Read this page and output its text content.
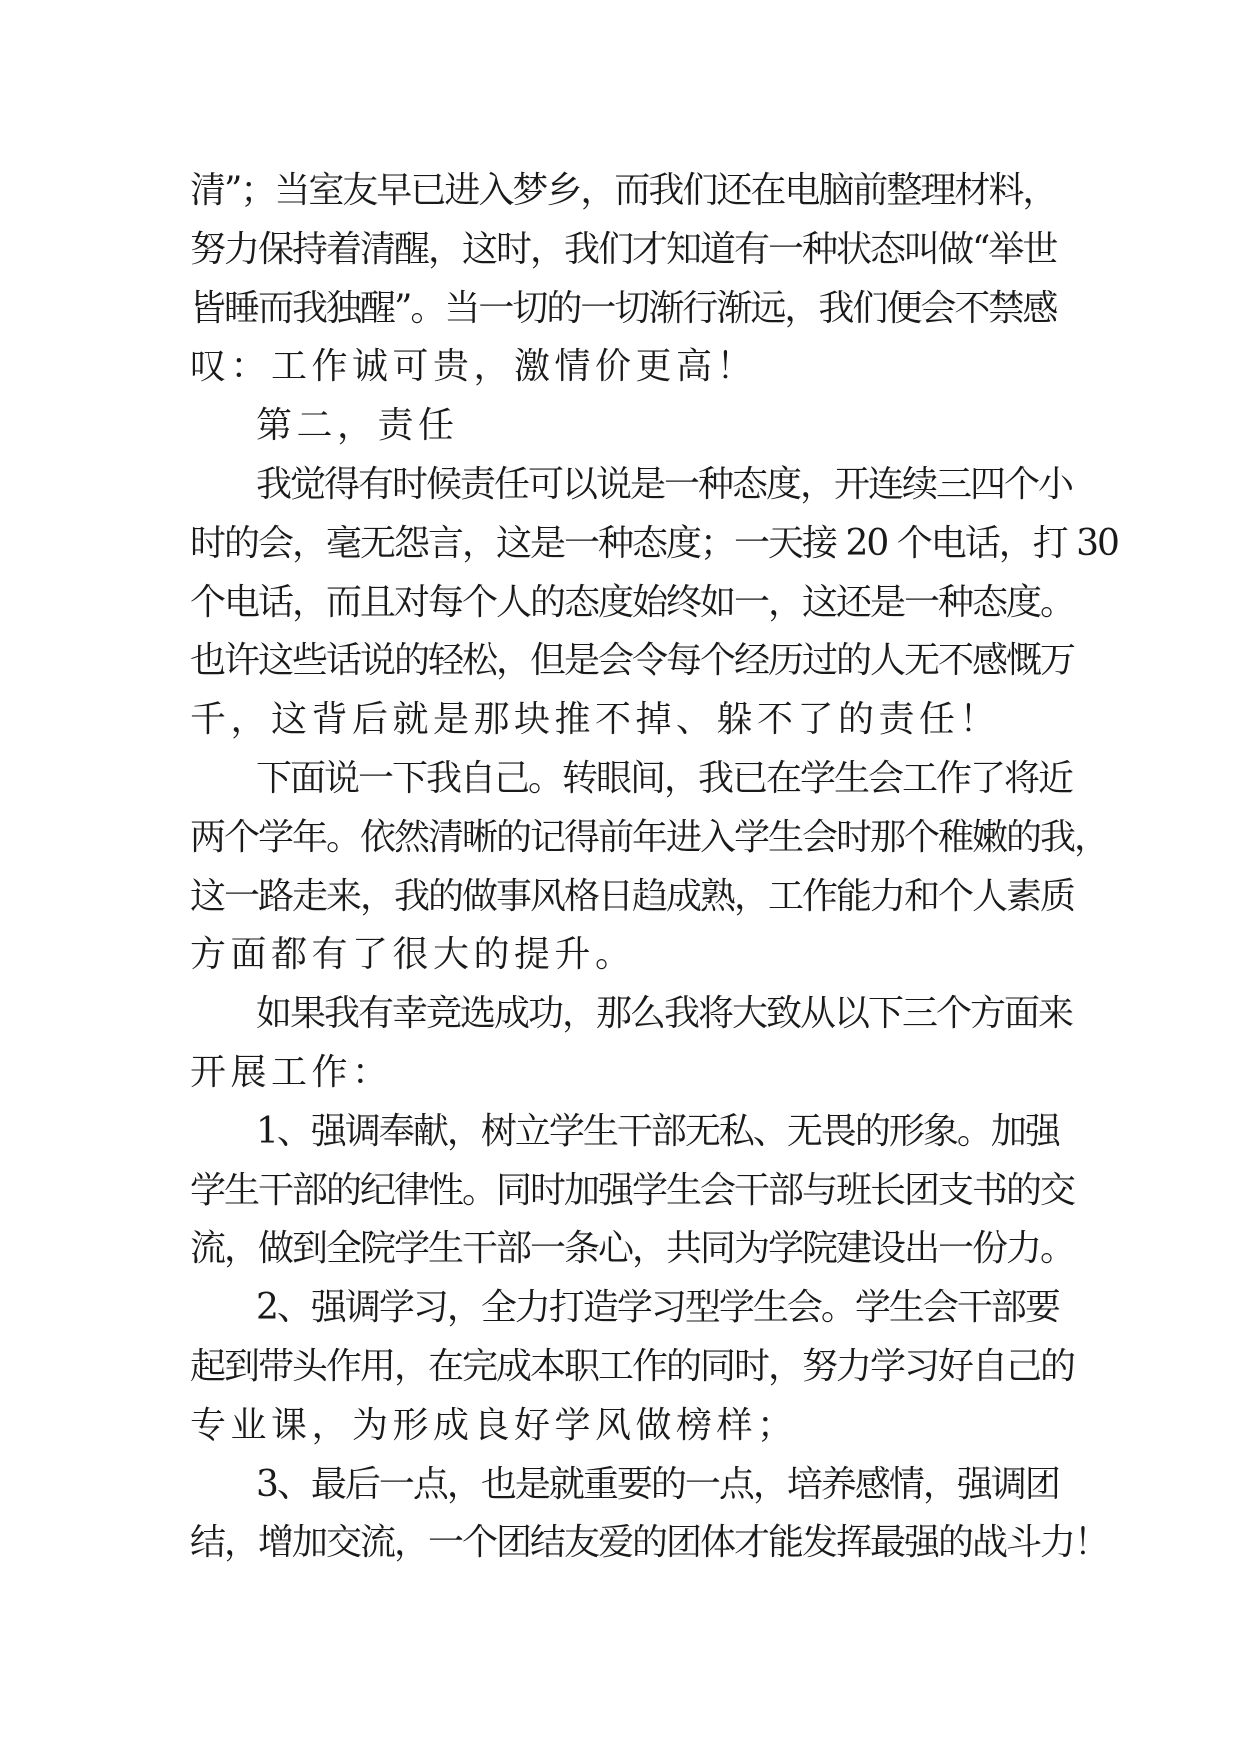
清”；当室友早已进入梦乡，而我们还在电脑前整理材料，
努力保持着清醒，这时，我们才知道有一种状态叫做“举世
皆睡而我独醒”。当一切的一切渐行渐远，我们便会不禁感
叹：工作诚可贵，激情价更高！
第二，责任
我觉得有时候责任可以说是一种态度，开连续三四个小
时的会，毫无怨言，这是一种态度；一天接 20 个电话，打 30
个电话，而且对每个人的态度始终如一，这还是一种态度。
也许这些话说的轻松，但是会令每个经历过的人无不感慨万
千，这背后就是那块推不掉、躲不了的责任！
下面说一下我自己。转眼间，我已在学生会工作了将近
两个学年。依然清晰的记得前年进入学生会时那个稚嫩的我，
这一路走来，我的做事风格日趋成熟，工作能力和个人素质
方面都有了很大的提升。
如果我有幸竞选成功，那么我将大致从以下三个方面来
开展工作：
1、强调奉献，树立学生干部无私、无畏的形象。加强
学生干部的纪律性。同时加强学生会干部与班长团支书的交
流，做到全院学生干部一条心，共同为学院建设出一份力。
2、强调学习，全力打造学习型学生会。学生会干部要
起到带头作用，在完成本职工作的同时，努力学习好自己的
专业课，为形成良好学风做榜样；
3、最后一点，也是就重要的一点，培养感情，强调团
结，增加交流，一个团结友爱的团体才能发挥最强的战斗力！
